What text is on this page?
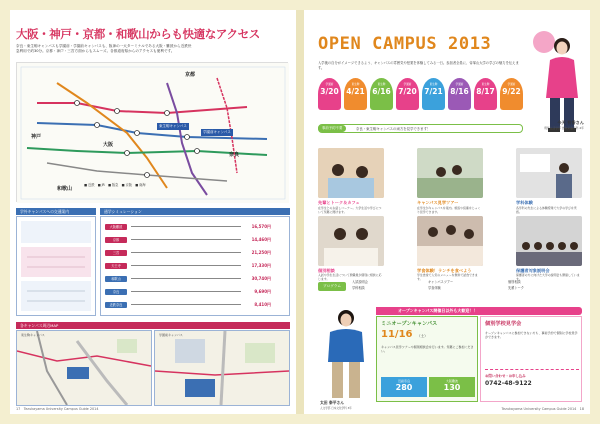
大阪・神戸・京都・和歌山からも快適なアクセス
奈良・東生駒キャンパスも学園前・学園前キャンパスも、阪神の一大ターミナルである大阪・難波から近鉄快急利用で約30分。京都・神戸・三宮方面からもスムーズ。各都道府県からのアクセスも便利です。
京都
大阪
奈良
神戸
和歌山
東生駒キャンパス
学園前キャンパス
■ 近鉄　■ JR　■ 阪急　■ 京阪　■ 南海
学外キャンパスへの交通案内	通学シミュレーション
大阪難波	16,570円
京都	14,460円
三宮	21,250円
天王寺	17,330円
和歌山	30,740円
奈良	9,690円
近鉄奈良	8,410円
各キャンパス周辺MAP
東生駒キャンパス	学園前キャンパス
17　Tezukayama University Campus Guide 2014
OPEN CAMPUS 2013
入学後の自分がイメージできるよう、キャンパスの雰囲気や授業を体験してみる一日。参加者全員に、帝塚山大学の学びの魅力を伝えます。
学園前
3/20
東生駒
4/21
東生駒
6/16
学園前
7/20
東生駒
7/21
学園前
8/16
東生駒
8/17
学園前
9/22
今天 有香さん
現代生活学部 食物栄養学科 4年
事前予約不要	奈良・東生駒キャンパスの両方を見学できます！
先輩とトーク＆カフェ
在学生とのお話しコーナー。大学生活や学びについて気軽に聞けます。
キャンパス見学ツアー
在学生がキャンパスを案内。施設や設備をじっくり見学できます。
学科体験
各学科の先生による体験授業で大学の学びを実感。
個別相談
入試や学生生活について教職員が個別に相談に応じます。
学食体験！ランチを食べよう
学生食堂で人気のメニューを無料で試食できます。
保護者対象説明会
保護者の方に向けた大学の説明会も開催しています。
プログラム
入試説明会
学科相談
キャンパスツアー
学食体験
個別相談
先輩トーク
オープンキャンパス開催日以外も大歓迎！！
太田 泰平さん
人文学部 日本文化学科 3年
ミニオープンキャンパス
11/16 （土）
キャンパス見学ツアーや個別相談会を行います。気軽にご参加ください。
近鉄奈良
280
大阪難波
130
個別学校見学会
オープンキャンパスに参加できない方も、事前予約で個別に学校見学ができます。
お問い合わせ・お申し込み
0742-48-9122
Tezukayama University Campus Guide 2014　18
